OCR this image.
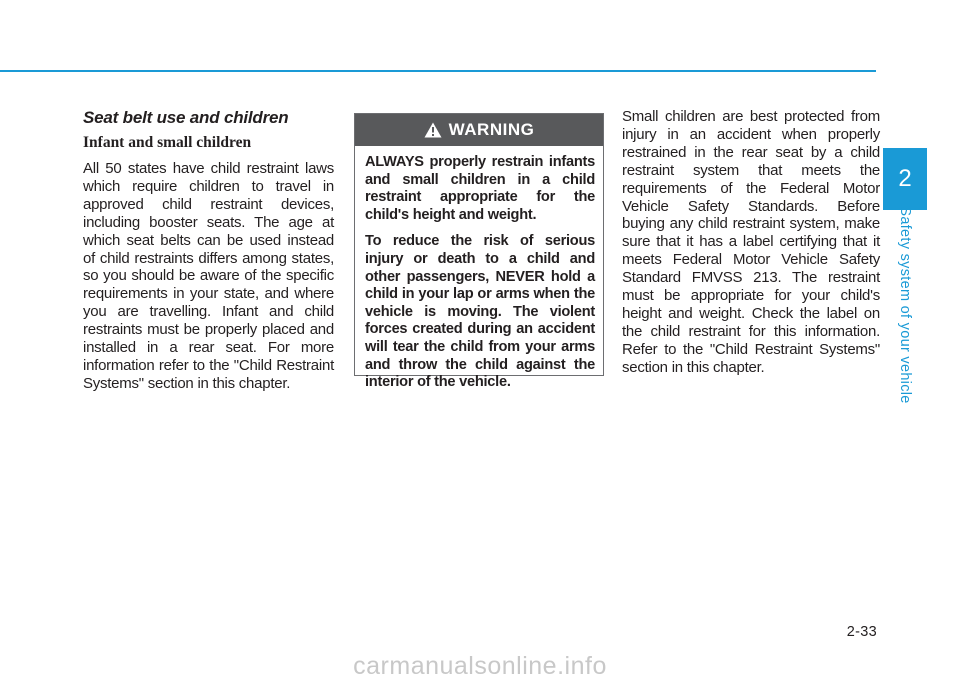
Seat belt use and children
Infant and small children

All 50 states have child restraint laws which require children to travel in approved child restraint devices, including booster seats. The age at which seat belts can be used instead of child restraints differs among states, so you should be aware of the specific requirements in your state, and where you are travelling. Infant and child restraints must be properly placed and installed in a rear seat. For more information refer to the "Child Restraint Systems" section in this chapter.

WARNING

ALWAYS properly restrain infants and small children in a child restraint appropriate for the child's height and weight.

To reduce the risk of serious injury or death to a child and other passengers, NEVER hold a child in your lap or arms when the vehicle is moving. The violent forces created during an accident will tear the child from your arms and throw the child against the interior of the vehicle.

Small children are best protected from injury in an accident when properly restrained in the rear seat by a child restraint system that meets the requirements of the Federal Motor Vehicle Safety Standards. Before buying any child restraint system, make sure that it has a label certifying that it meets Federal Motor Vehicle Safety Standard FMVSS 213. The restraint must be appropriate for your child's height and weight. Check the label on the child restraint for this information. Refer to the "Child Restraint Systems" section in this chapter.

2
Safety system of your vehicle
2-33
carmanualsonline.info
